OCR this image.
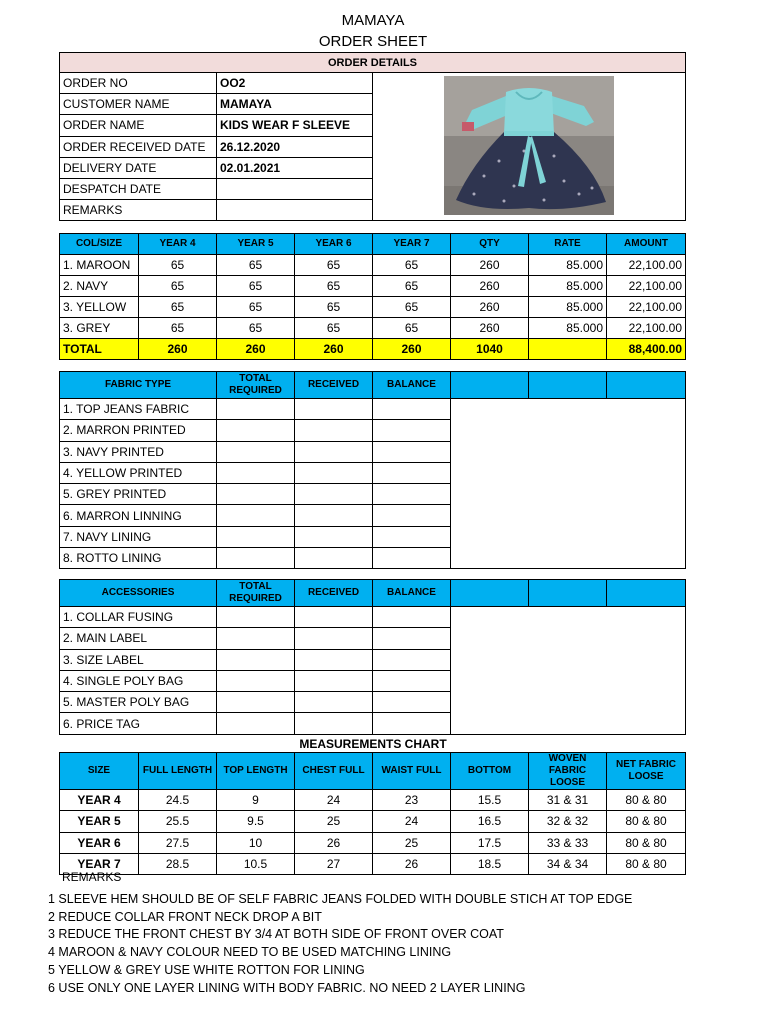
MAMAYA
ORDER SHEET
ORDER DETAILS		
ORDER NO	OO2	
CUSTOMER NAME	MAMAYA	
ORDER NAME	KIDS WEAR F SLEEVE	
ORDER RECEIVED DATE	26.12.2020	
DELIVERY DATE	02.01.2021	
DESPATCH DATE		
REMARKS		
COL/SIZE	YEAR 4	YEAR 5	YEAR 6	YEAR 7	QTY	RATE	AMOUNT
1. MAROON	65	65	65	65	260	85.000	22,100.00
2. NAVY	65	65	65	65	260	85.000	22,100.00
3. YELLOW	65	65	65	65	260	85.000	22,100.00
3. GREY	65	65	65	65	260	85.000	22,100.00
TOTAL	260	260	260	260	1040		88,400.00
FABRIC TYPE	TOTAL REQUIRED	RECEIVED	BALANCE			
1. TOP JEANS FABRIC						
2. MARRON PRINTED						
3. NAVY PRINTED						
4. YELLOW PRINTED						
5. GREY PRINTED						
6. MARRON LINNING						
7. NAVY LINING						
8. ROTTO LINING						
ACCESSORIES	TOTAL REQUIRED	RECEIVED	BALANCE			
1. COLLAR FUSING						
2. MAIN LABEL						
3. SIZE LABEL						
4. SINGLE POLY BAG						
5. MASTER POLY BAG						
6. PRICE TAG						
MEASUREMENTS CHART
SIZE	FULL LENGTH	TOP LENGTH	CHEST FULL	WAIST FULL	BOTTOM	WOVEN FABRIC LOOSE	NET FABRIC LOOSE
YEAR 4	24.5	9	24	23	15.5	31 & 31	80 & 80
YEAR 5	25.5	9.5	25	24	16.5	32 & 32	80 & 80
YEAR 6	27.5	10	26	25	17.5	33 & 33	80 & 80
YEAR 7	28.5	10.5	27	26	18.5	34 & 34	80 & 80
REMARKS
1 SLEEVE HEM SHOULD BE OF SELF FABRIC JEANS FOLDED WITH DOUBLE STICH AT TOP EDGE
2 REDUCE COLLAR FRONT NECK DROP A BIT
3 REDUCE THE FRONT CHEST BY 3/4 AT BOTH SIDE OF FRONT OVER COAT
4 MAROON & NAVY COLOUR NEED TO BE USED MATCHING LINING
5 YELLOW & GREY USE WHITE ROTTON FOR LINING
6 USE ONLY ONE LAYER LINING WITH BODY FABRIC. NO NEED 2 LAYER LINING
